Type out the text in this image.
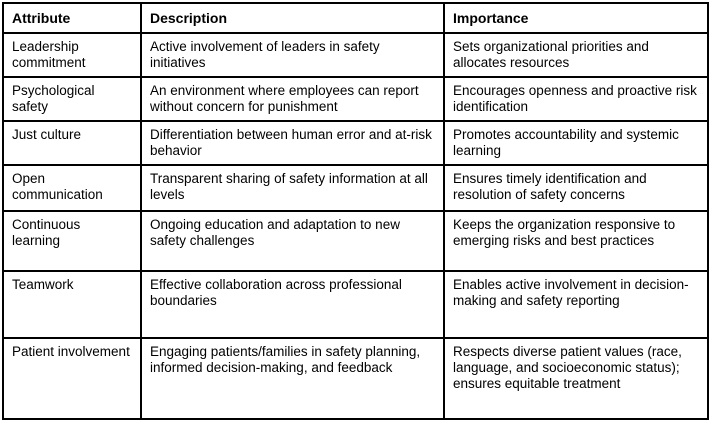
Attribute	Description	Importance
Leadership commitment	Active involvement of leaders in safety initiatives	Sets organizational priorities and allocates resources
Psychological safety	An environment where employees can report without concern for punishment	Encourages openness and proactive risk identification
Just culture	Differentiation between human error and at-risk behavior	Promotes accountability and systemic learning
Open communication	Transparent sharing of safety information at all levels	Ensures timely identification and resolution of safety concerns
Continuous learning	Ongoing education and adaptation to new safety challenges	Keeps the organization responsive to emerging risks and best practices
Teamwork	Effective collaboration across professional boundaries	Enables active involvement in decision-making and safety reporting
Patient involvement	Engaging patients/families in safety planning, informed decision-making, and feedback	Respects diverse patient values (race, language, and socioeconomic status); ensures equitable treatment
